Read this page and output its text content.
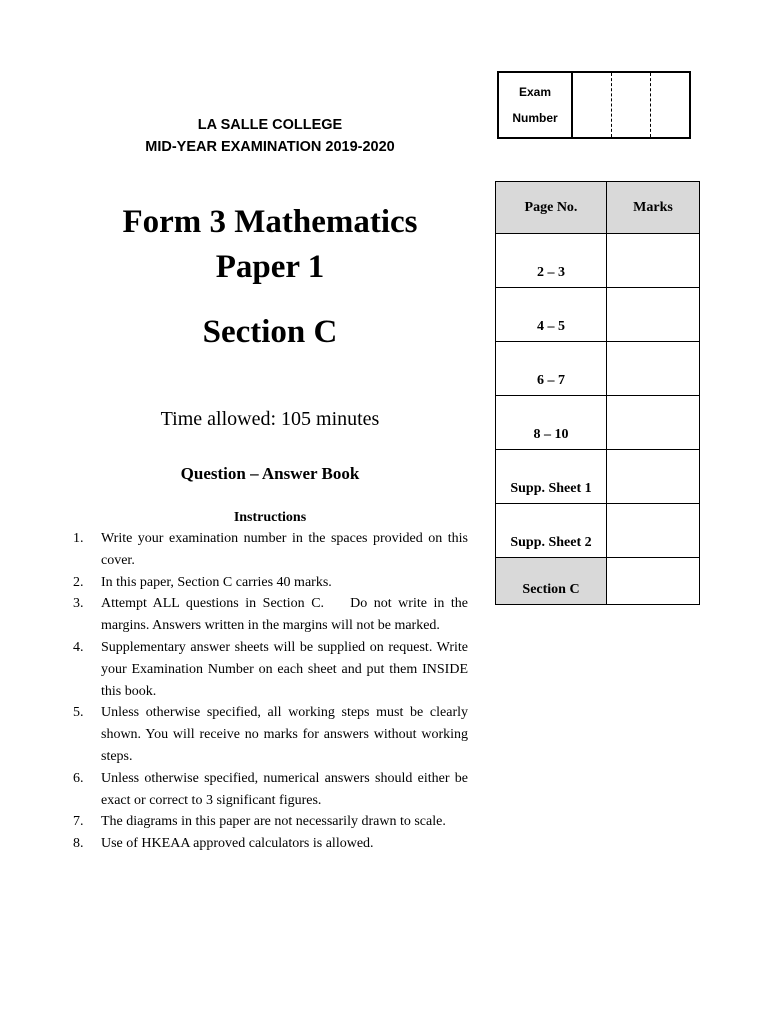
LA SALLE COLLEGE
MID-YEAR EXAMINATION 2019-2020
Form 3 Mathematics
Paper 1
Section C
Time allowed: 105 minutes
Question – Answer Book
Instructions
1. Write your examination number in the spaces provided on this cover.
2. In this paper, Section C carries 40 marks.
3. Attempt ALL questions in Section C.    Do not write in the margins. Answers written in the margins will not be marked.
4. Supplementary answer sheets will be supplied on request. Write your Examination Number on each sheet and put them INSIDE this book.
5. Unless otherwise specified, all working steps must be clearly shown. You will receive no marks for answers without working steps.
6. Unless otherwise specified, numerical answers should either be exact or correct to 3 significant figures.
7. The diagrams in this paper are not necessarily drawn to scale.
8. Use of HKEAA approved calculators is allowed.
Exam
Number
Page No.	Marks
2 – 3	
4 – 5	
6 – 7	
8 – 10	
Supp. Sheet 1	
Supp. Sheet 2	
Section C	
